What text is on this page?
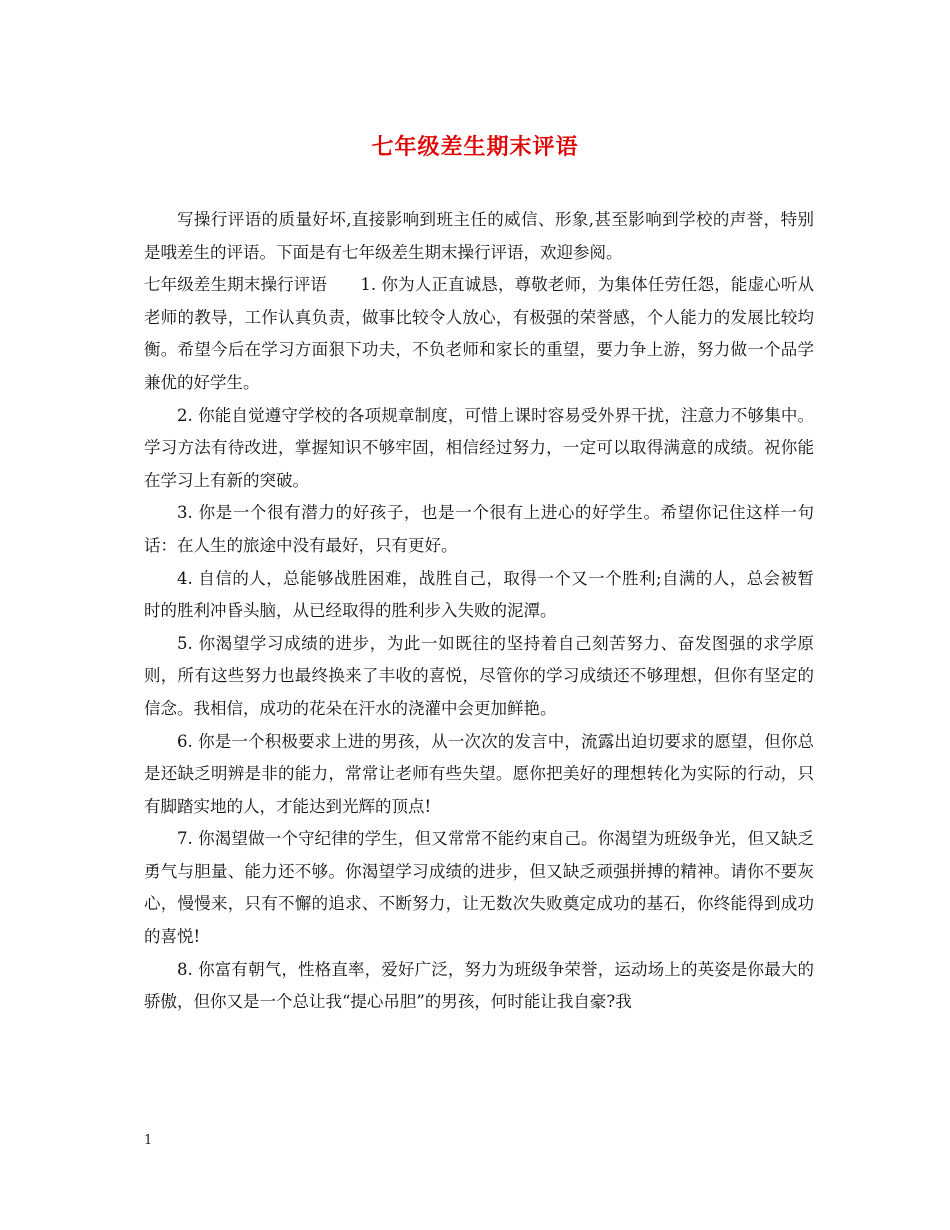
七年级差生期末评语

写操行评语的质量好坏,直接影响到班主任的威信、形象,甚至影响到学校的声誉，特别是哦差生的评语。下面是有七年级差生期末操行评语，欢迎参阅。

七年级差生期末操行评语　　1. 你为人正直诚恳，尊敬老师，为集体任劳任怨，能虚心听从老师的教导，工作认真负责，做事比较令人放心，有极强的荣誉感，个人能力的发展比较均衡。希望今后在学习方面狠下功夫，不负老师和家长的重望，要力争上游，努力做一个品学兼优的好学生。

2. 你能自觉遵守学校的各项规章制度，可惜上课时容易受外界干扰，注意力不够集中。学习方法有待改进，掌握知识不够牢固，相信经过努力，一定可以取得满意的成绩。祝你能在学习上有新的突破。

3. 你是一个很有潜力的好孩子，也是一个很有上进心的好学生。希望你记住这样一句话：在人生的旅途中没有最好，只有更好。

4. 自信的人，总能够战胜困难，战胜自己，取得一个又一个胜利;自满的人，总会被暂时的胜利冲昏头脑，从已经取得的胜利步入失败的泥潭。

5. 你渴望学习成绩的进步，为此一如既往的坚持着自己刻苦努力、奋发图强的求学原则，所有这些努力也最终换来了丰收的喜悦，尽管你的学习成绩还不够理想，但你有坚定的信念。我相信，成功的花朵在汗水的浇灌中会更加鲜艳。

6. 你是一个积极要求上进的男孩，从一次次的发言中，流露出迫切要求的愿望，但你总是还缺乏明辨是非的能力，常常让老师有些失望。愿你把美好的理想转化为实际的行动，只有脚踏实地的人，才能达到光辉的顶点!

7. 你渴望做一个守纪律的学生，但又常常不能约束自己。你渴望为班级争光，但又缺乏勇气与胆量、能力还不够。你渴望学习成绩的进步，但又缺乏顽强拼搏的精神。请你不要灰心，慢慢来，只有不懈的追求、不断努力，让无数次失败奠定成功的基石，你终能得到成功的喜悦!

8. 你富有朝气，性格直率，爱好广泛，努力为班级争荣誉，运动场上的英姿是你最大的骄傲，但你又是一个总让我“提心吊胆”的男孩，何时能让我自豪?我

1
